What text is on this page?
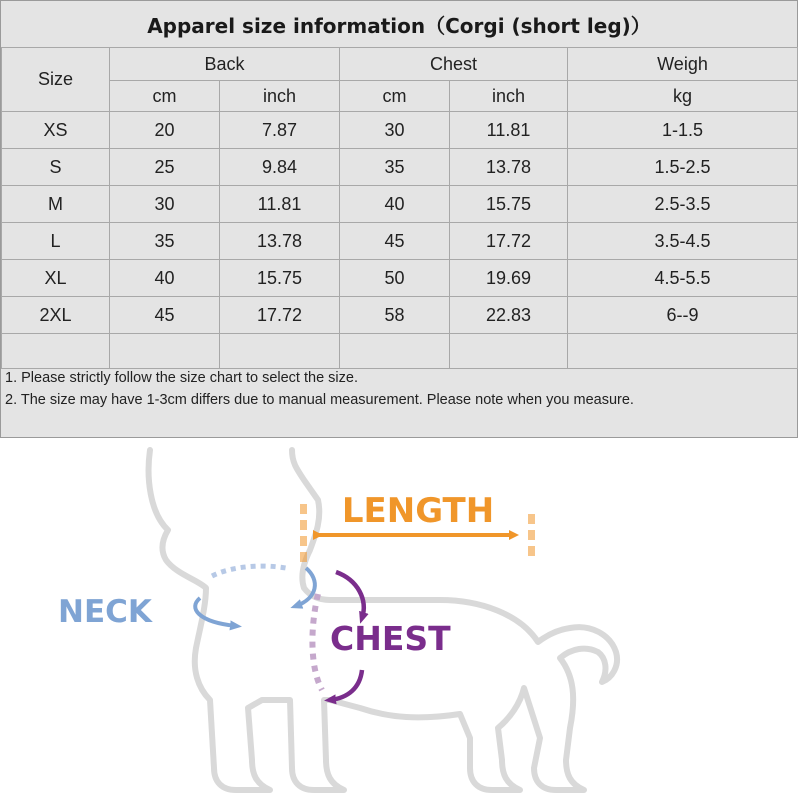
Apparel size information（Corgi (short leg)）
Size	Back		Chest		Weigh
	cm	inch	cm	inch	kg
XS	20	7.87	30	11.81	1-1.5
S	25	9.84	35	13.78	1.5-2.5
M	30	11.81	40	15.75	2.5-3.5
L	35	13.78	45	17.72	3.5-4.5
XL	40	15.75	50	19.69	4.5-5.5
2XL	45	17.72	58	22.83	6--9

1. Please strictly follow the size chart to select the size.
2. The size may have 1-3cm differs due to manual measurement. Please note when you measure.
LENGTH
NECK
CHEST
